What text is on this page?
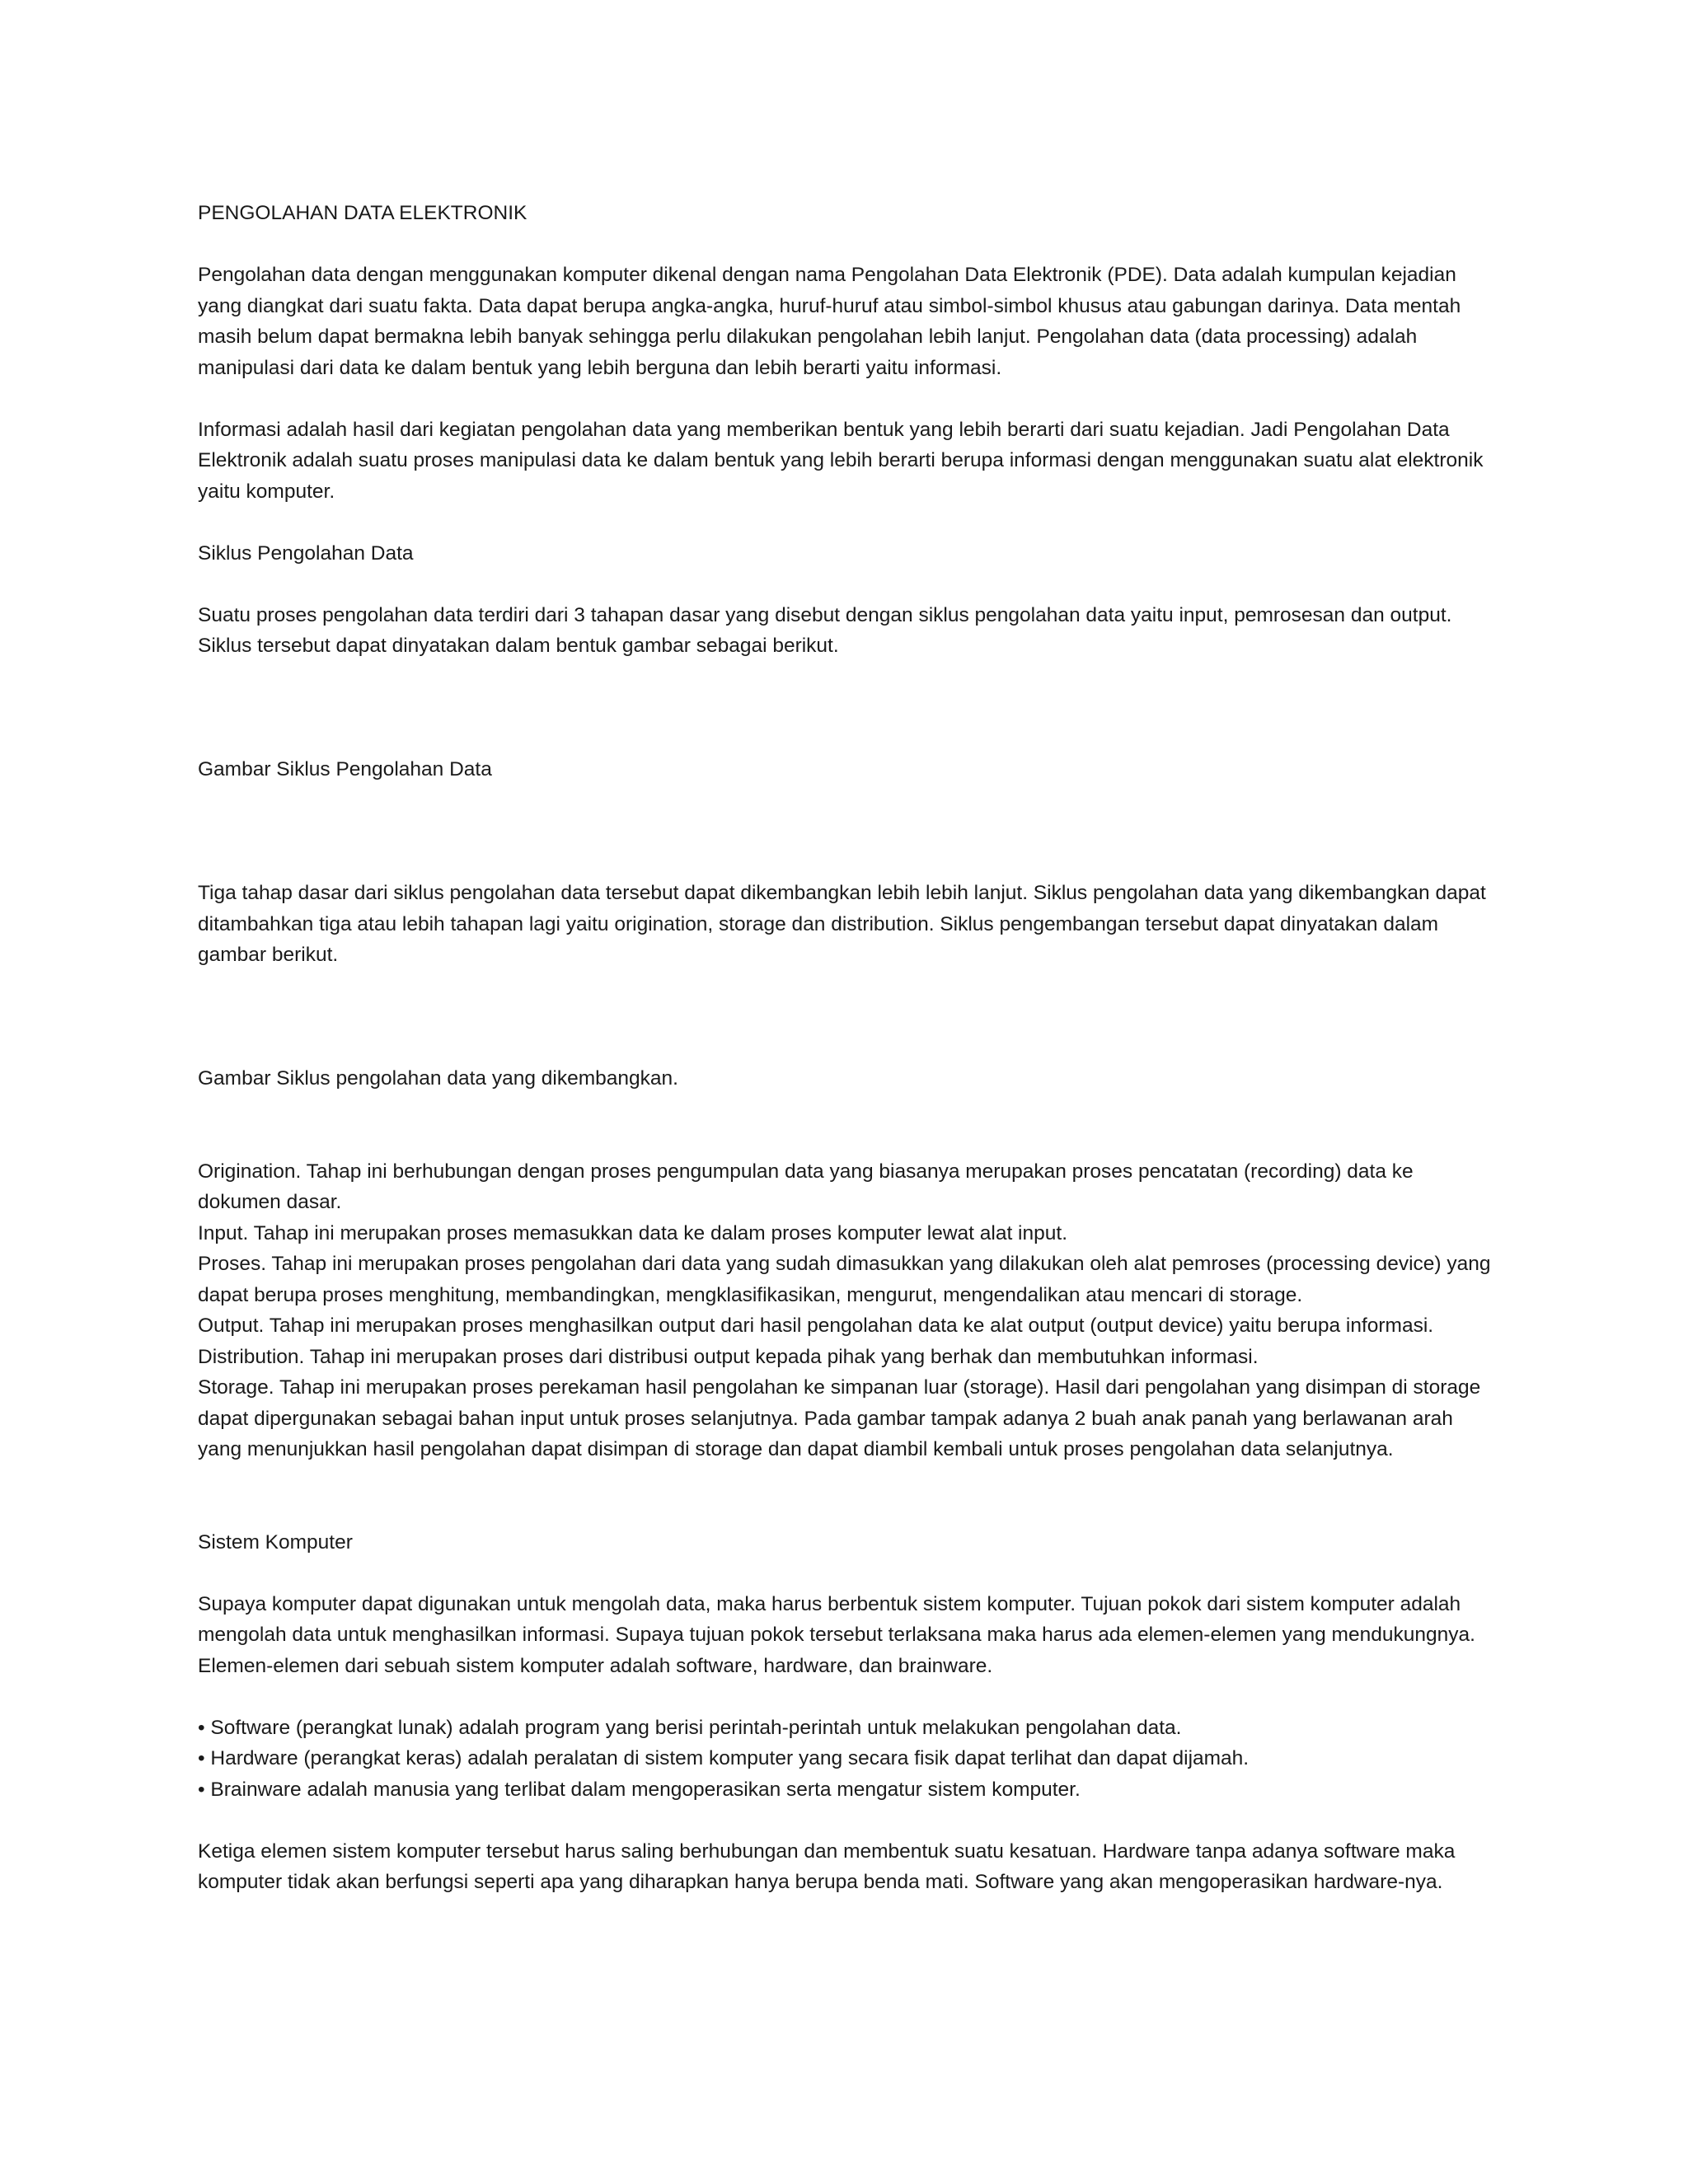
PENGOLAHAN DATA ELEKTRONIK

Pengolahan data dengan menggunakan komputer dikenal dengan nama Pengolahan Data Elektronik (PDE). Data adalah kumpulan kejadian yang diangkat dari suatu fakta. Data dapat berupa angka-angka, huruf-huruf atau simbol-simbol khusus atau gabungan darinya. Data mentah masih belum dapat bermakna lebih banyak sehingga perlu dilakukan pengolahan lebih lanjut. Pengolahan data (data processing) adalah manipulasi dari data ke dalam bentuk yang lebih berguna dan lebih berarti yaitu informasi.

Informasi adalah hasil dari kegiatan pengolahan data yang memberikan bentuk yang lebih berarti dari suatu kejadian. Jadi Pengolahan Data Elektronik adalah suatu proses manipulasi data ke dalam bentuk yang lebih berarti berupa informasi dengan menggunakan suatu alat elektronik yaitu komputer.

Siklus Pengolahan Data

Suatu proses pengolahan data terdiri dari 3 tahapan dasar yang disebut dengan siklus pengolahan data yaitu input, pemrosesan dan output. Siklus tersebut dapat dinyatakan dalam bentuk gambar sebagai berikut.

Gambar Siklus Pengolahan Data

Tiga tahap dasar dari siklus pengolahan data tersebut dapat dikembangkan lebih lebih lanjut. Siklus pengolahan data yang dikembangkan dapat ditambahkan tiga atau lebih tahapan lagi yaitu origination, storage dan distribution. Siklus pengembangan tersebut dapat dinyatakan dalam gambar berikut.

Gambar Siklus pengolahan data yang dikembangkan.

Origination. Tahap ini berhubungan dengan proses pengumpulan data yang biasanya merupakan proses pencatatan (recording) data ke dokumen dasar.

Input. Tahap ini merupakan proses memasukkan data ke dalam proses komputer lewat alat input.

Proses. Tahap ini merupakan proses pengolahan dari data yang sudah dimasukkan yang dilakukan oleh alat pemroses (processing device) yang dapat berupa proses menghitung, membandingkan, mengklasifikasikan, mengurut, mengendalikan atau mencari di storage.

Output. Tahap ini merupakan proses menghasilkan output dari hasil pengolahan data ke alat output (output device) yaitu berupa informasi.

Distribution. Tahap ini merupakan proses dari distribusi output kepada pihak yang berhak dan membutuhkan informasi.

Storage. Tahap ini merupakan proses perekaman hasil pengolahan ke simpanan luar (storage). Hasil dari pengolahan yang disimpan di storage dapat dipergunakan sebagai bahan input untuk proses selanjutnya. Pada gambar tampak adanya 2 buah anak panah yang berlawanan arah yang menunjukkan hasil pengolahan dapat disimpan di storage dan dapat diambil kembali untuk proses pengolahan data selanjutnya.

Sistem Komputer

Supaya komputer dapat digunakan untuk mengolah data, maka harus berbentuk sistem komputer. Tujuan pokok dari sistem komputer adalah mengolah data untuk menghasilkan informasi. Supaya tujuan pokok tersebut terlaksana maka harus ada elemen-elemen yang mendukungnya. Elemen-elemen dari sebuah sistem komputer adalah software, hardware, dan brainware.

• Software (perangkat lunak) adalah program yang berisi perintah-perintah untuk melakukan pengolahan data.

• Hardware (perangkat keras) adalah peralatan di sistem komputer yang secara fisik dapat terlihat dan dapat dijamah.

• Brainware adalah manusia yang terlibat dalam mengoperasikan serta mengatur sistem komputer.

Ketiga elemen sistem komputer tersebut harus saling berhubungan dan membentuk suatu kesatuan. Hardware tanpa adanya software maka komputer tidak akan berfungsi seperti apa yang diharapkan hanya berupa benda mati. Software yang akan mengoperasikan hardware-nya.
